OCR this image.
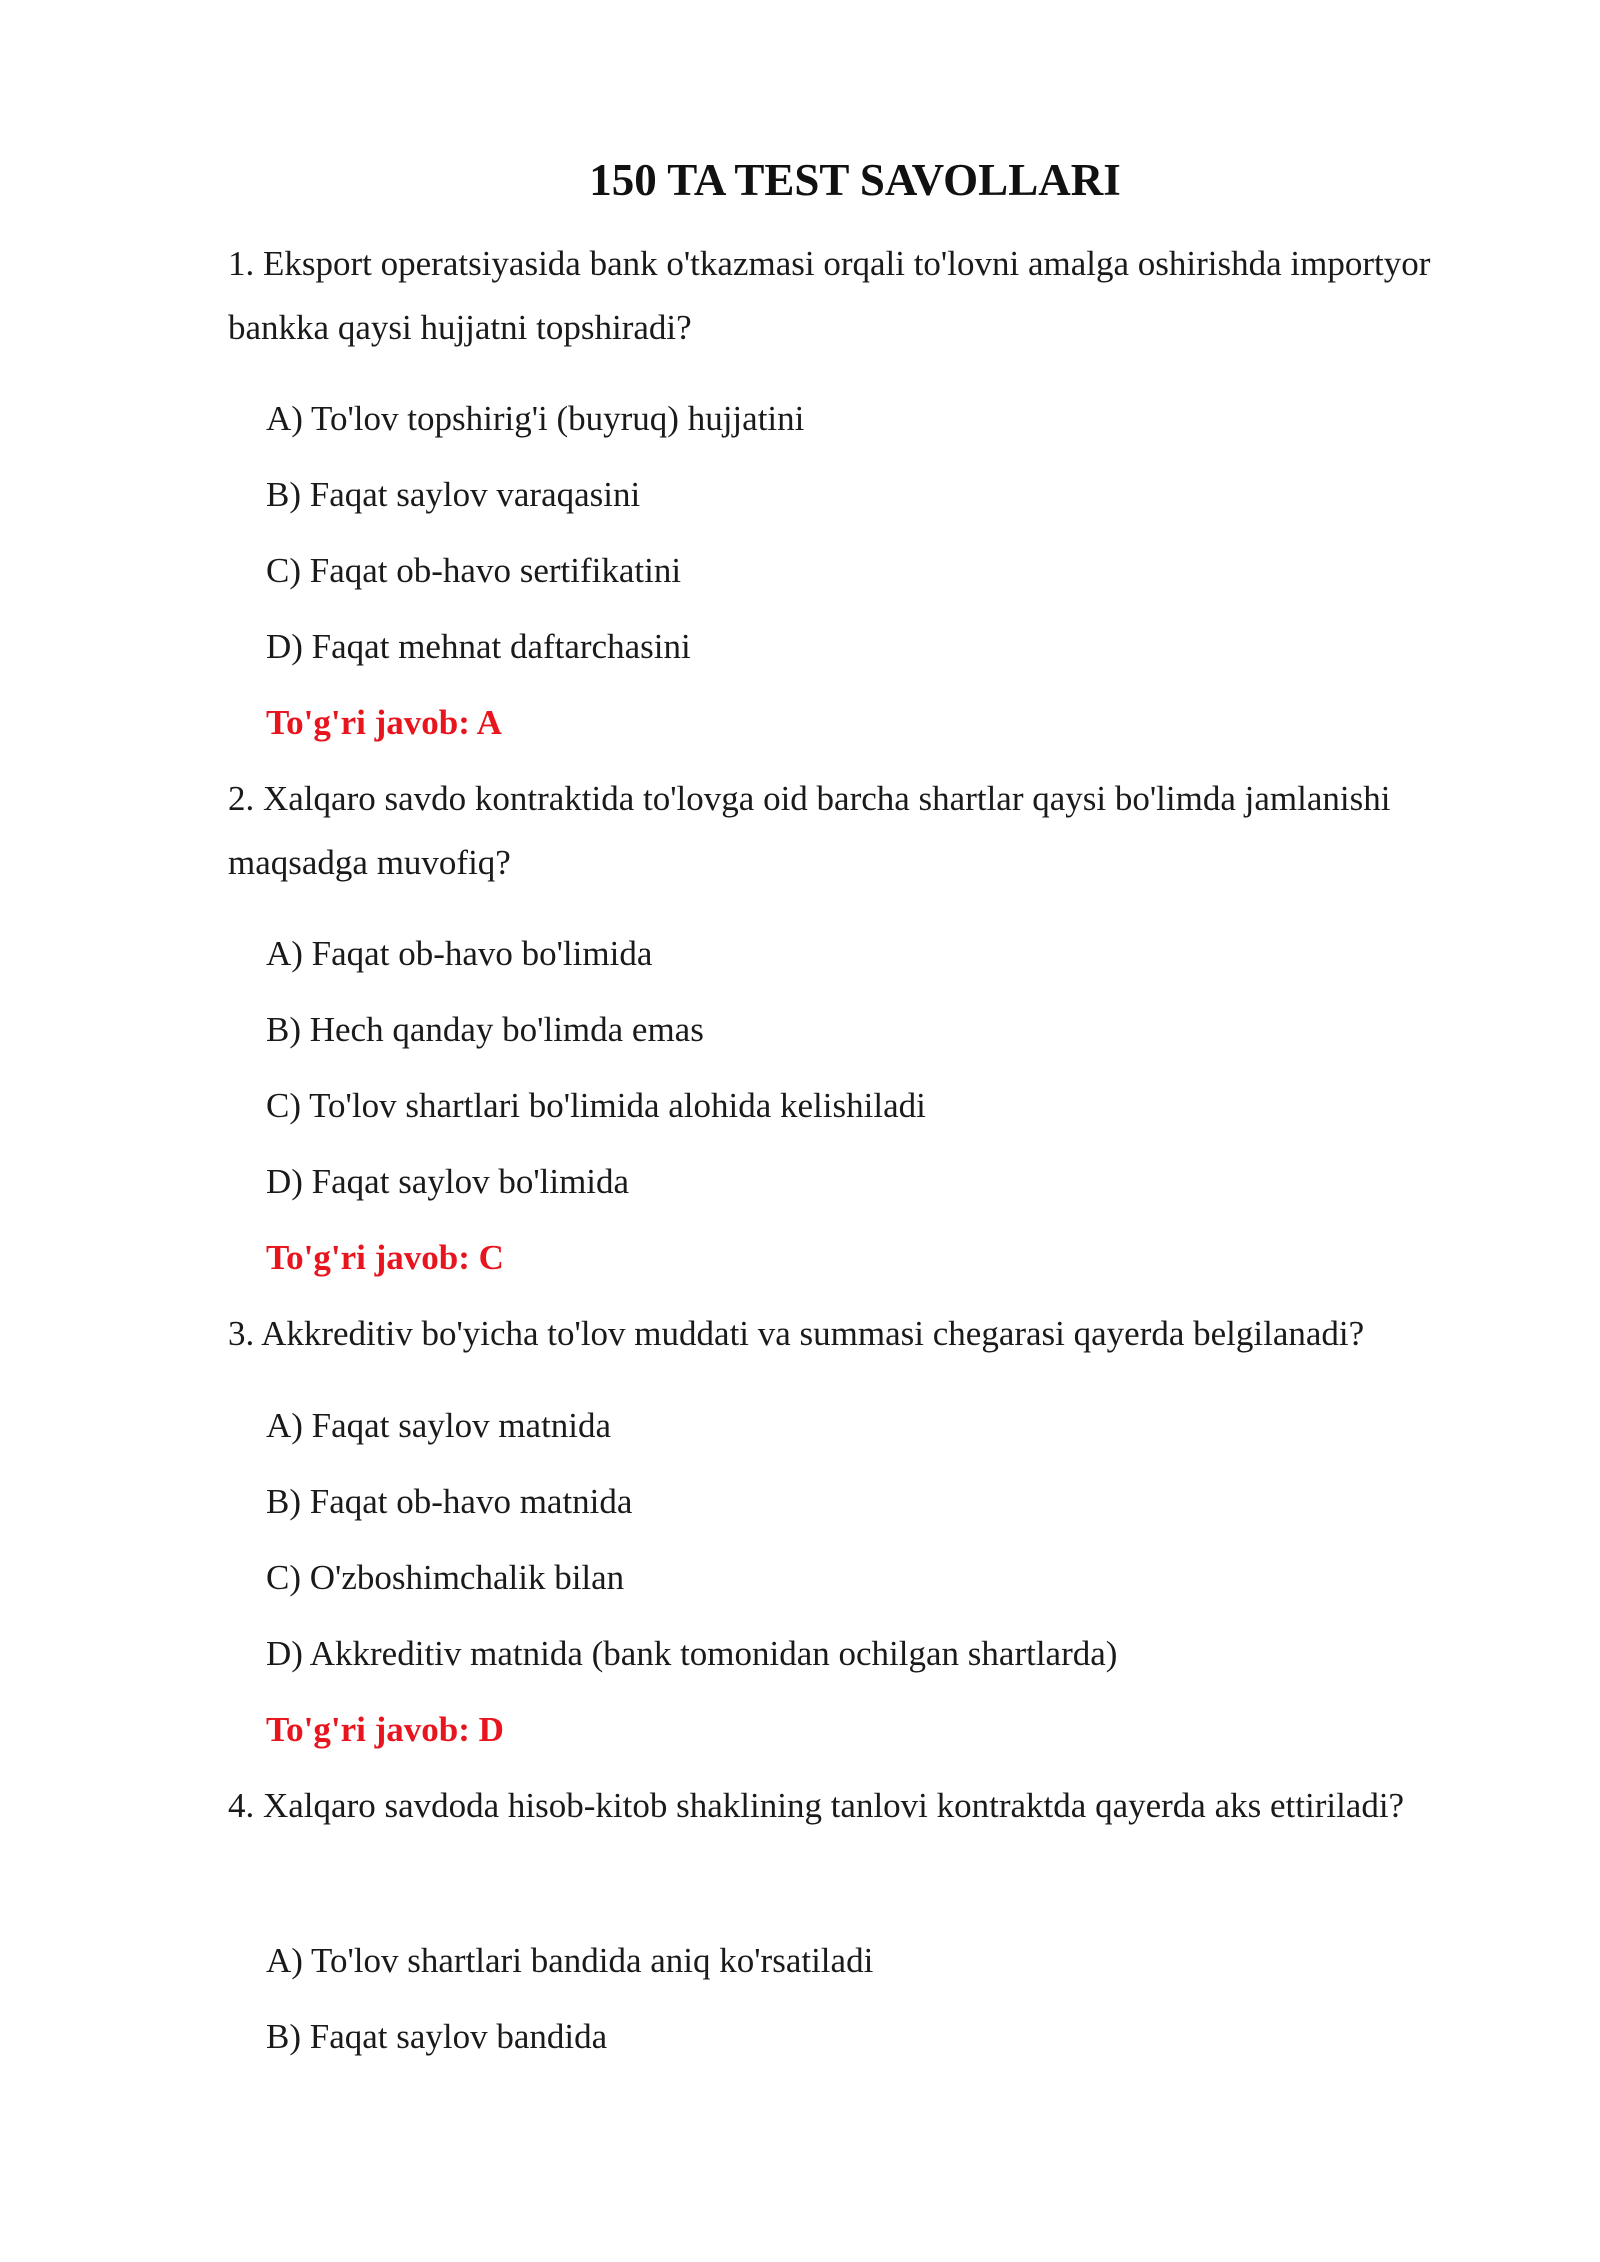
150 TA TEST SAVOLLARI
1. Eksport operatsiyasida bank o'tkazmasi orqali to'lovni amalga oshirishda importyor bankka qaysi hujjatni topshiradi?
A) To'lov topshirig'i (buyruq) hujjatini
B) Faqat saylov varaqasini
C) Faqat ob-havo sertifikatini
D) Faqat mehnat daftarchasini
To'g'ri javob: A
2. Xalqaro savdo kontraktida to'lovga oid barcha shartlar qaysi bo'limda jamlanishi maqsadga muvofiq?
A) Faqat ob-havo bo'limida
B) Hech qanday bo'limda emas
C) To'lov shartlari bo'limida alohida kelishiladi
D) Faqat saylov bo'limida
To'g'ri javob: C
3. Akkreditiv bo'yicha to'lov muddati va summasi chegarasi qayerda belgilanadi?
A) Faqat saylov matnida
B) Faqat ob-havo matnida
C) O'zboshimchalik bilan
D) Akkreditiv matnida (bank tomonidan ochilgan shartlarda)
To'g'ri javob: D
4. Xalqaro savdoda hisob-kitob shaklining tanlovi kontraktda qayerda aks ettiriladi?
A) To'lov shartlari bandida aniq ko'rsatiladi
B) Faqat saylov bandida
